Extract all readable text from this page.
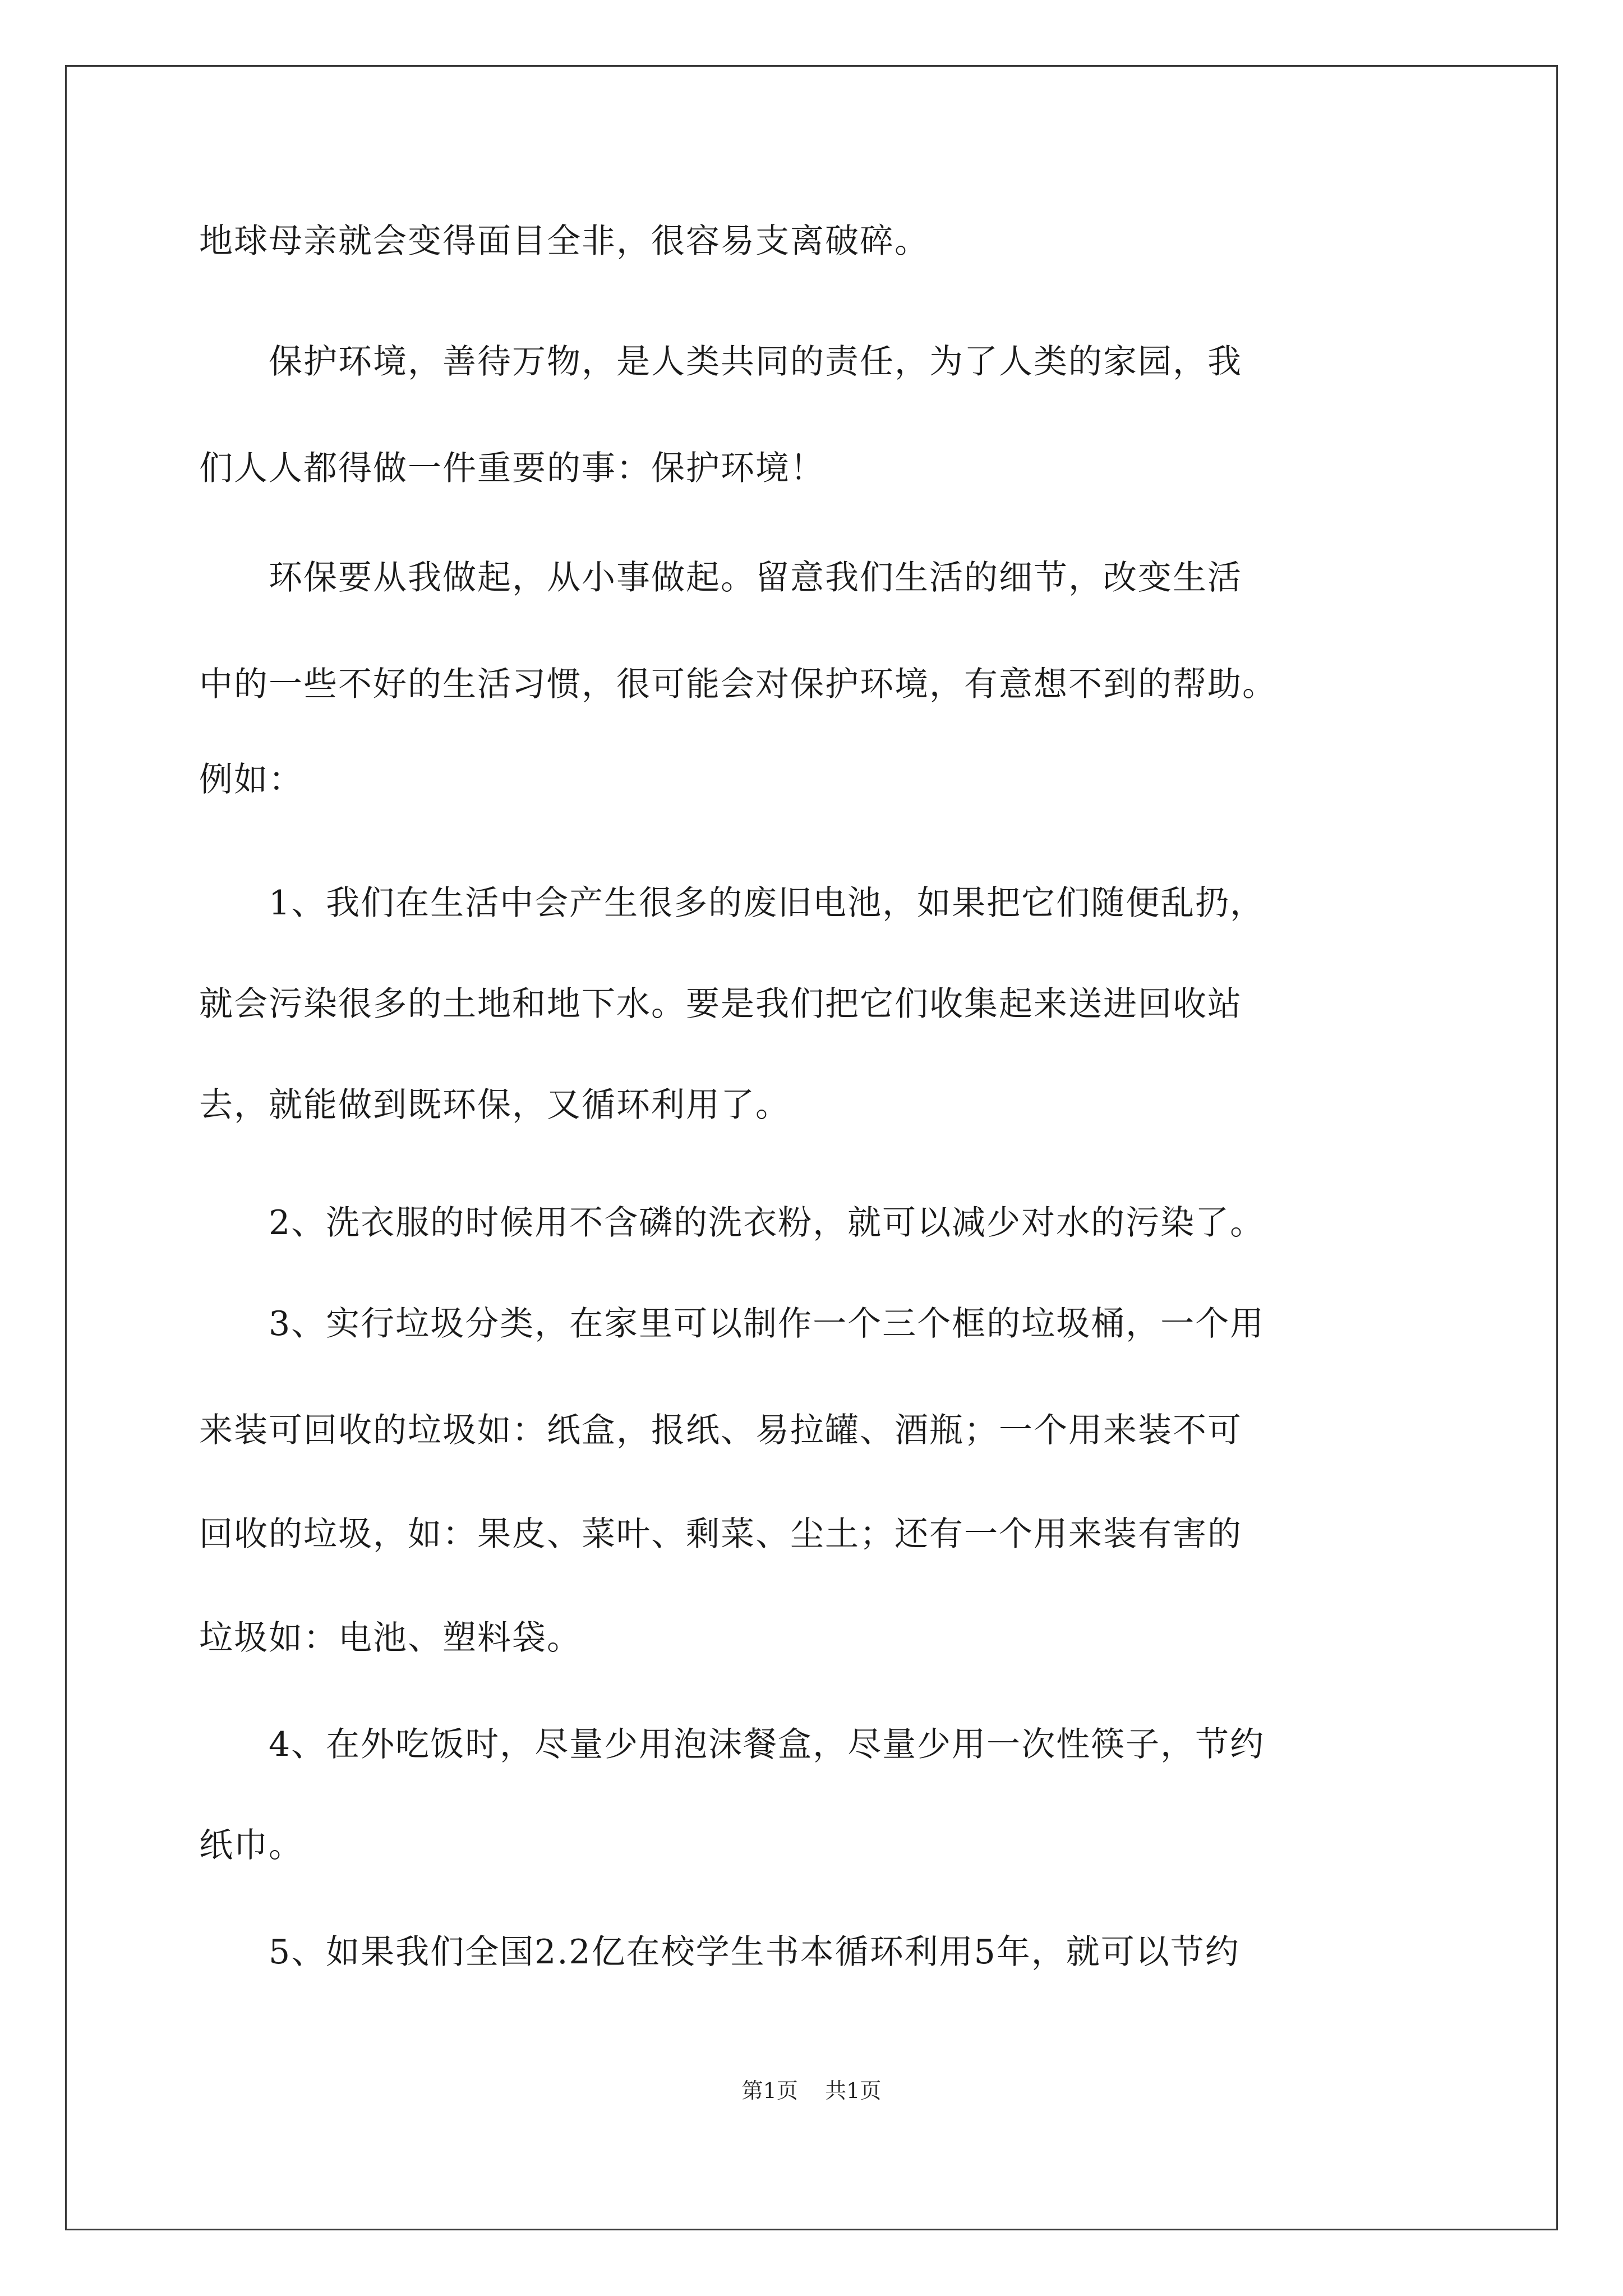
地球母亲就会变得面目全非，很容易支离破碎。
　　保护环境，善待万物，是人类共同的责任，为了人类的家园，我
们人人都得做一件重要的事：保护环境！
　　环保要从我做起，从小事做起。留意我们生活的细节，改变生活
中的一些不好的生活习惯，很可能会对保护环境，有意想不到的帮助。
例如：
　　1、我们在生活中会产生很多的废旧电池，如果把它们随便乱扔，
就会污染很多的土地和地下水。要是我们把它们收集起来送进回收站
去，就能做到既环保，又循环利用了。
　　2、洗衣服的时候用不含磷的洗衣粉，就可以减少对水的污染了。
　　3、实行垃圾分类，在家里可以制作一个三个框的垃圾桶，一个用
来装可回收的垃圾如：纸盒，报纸、易拉罐、酒瓶；一个用来装不可
回收的垃圾，如：果皮、菜叶、剩菜、尘土；还有一个用来装有害的
垃圾如：电池、塑料袋。
　　4、在外吃饭时，尽量少用泡沫餐盒，尽量少用一次性筷子，节约
纸巾。
　　5、如果我们全国2.2亿在校学生书本循环利用5年，就可以节约
第1页 共1页
